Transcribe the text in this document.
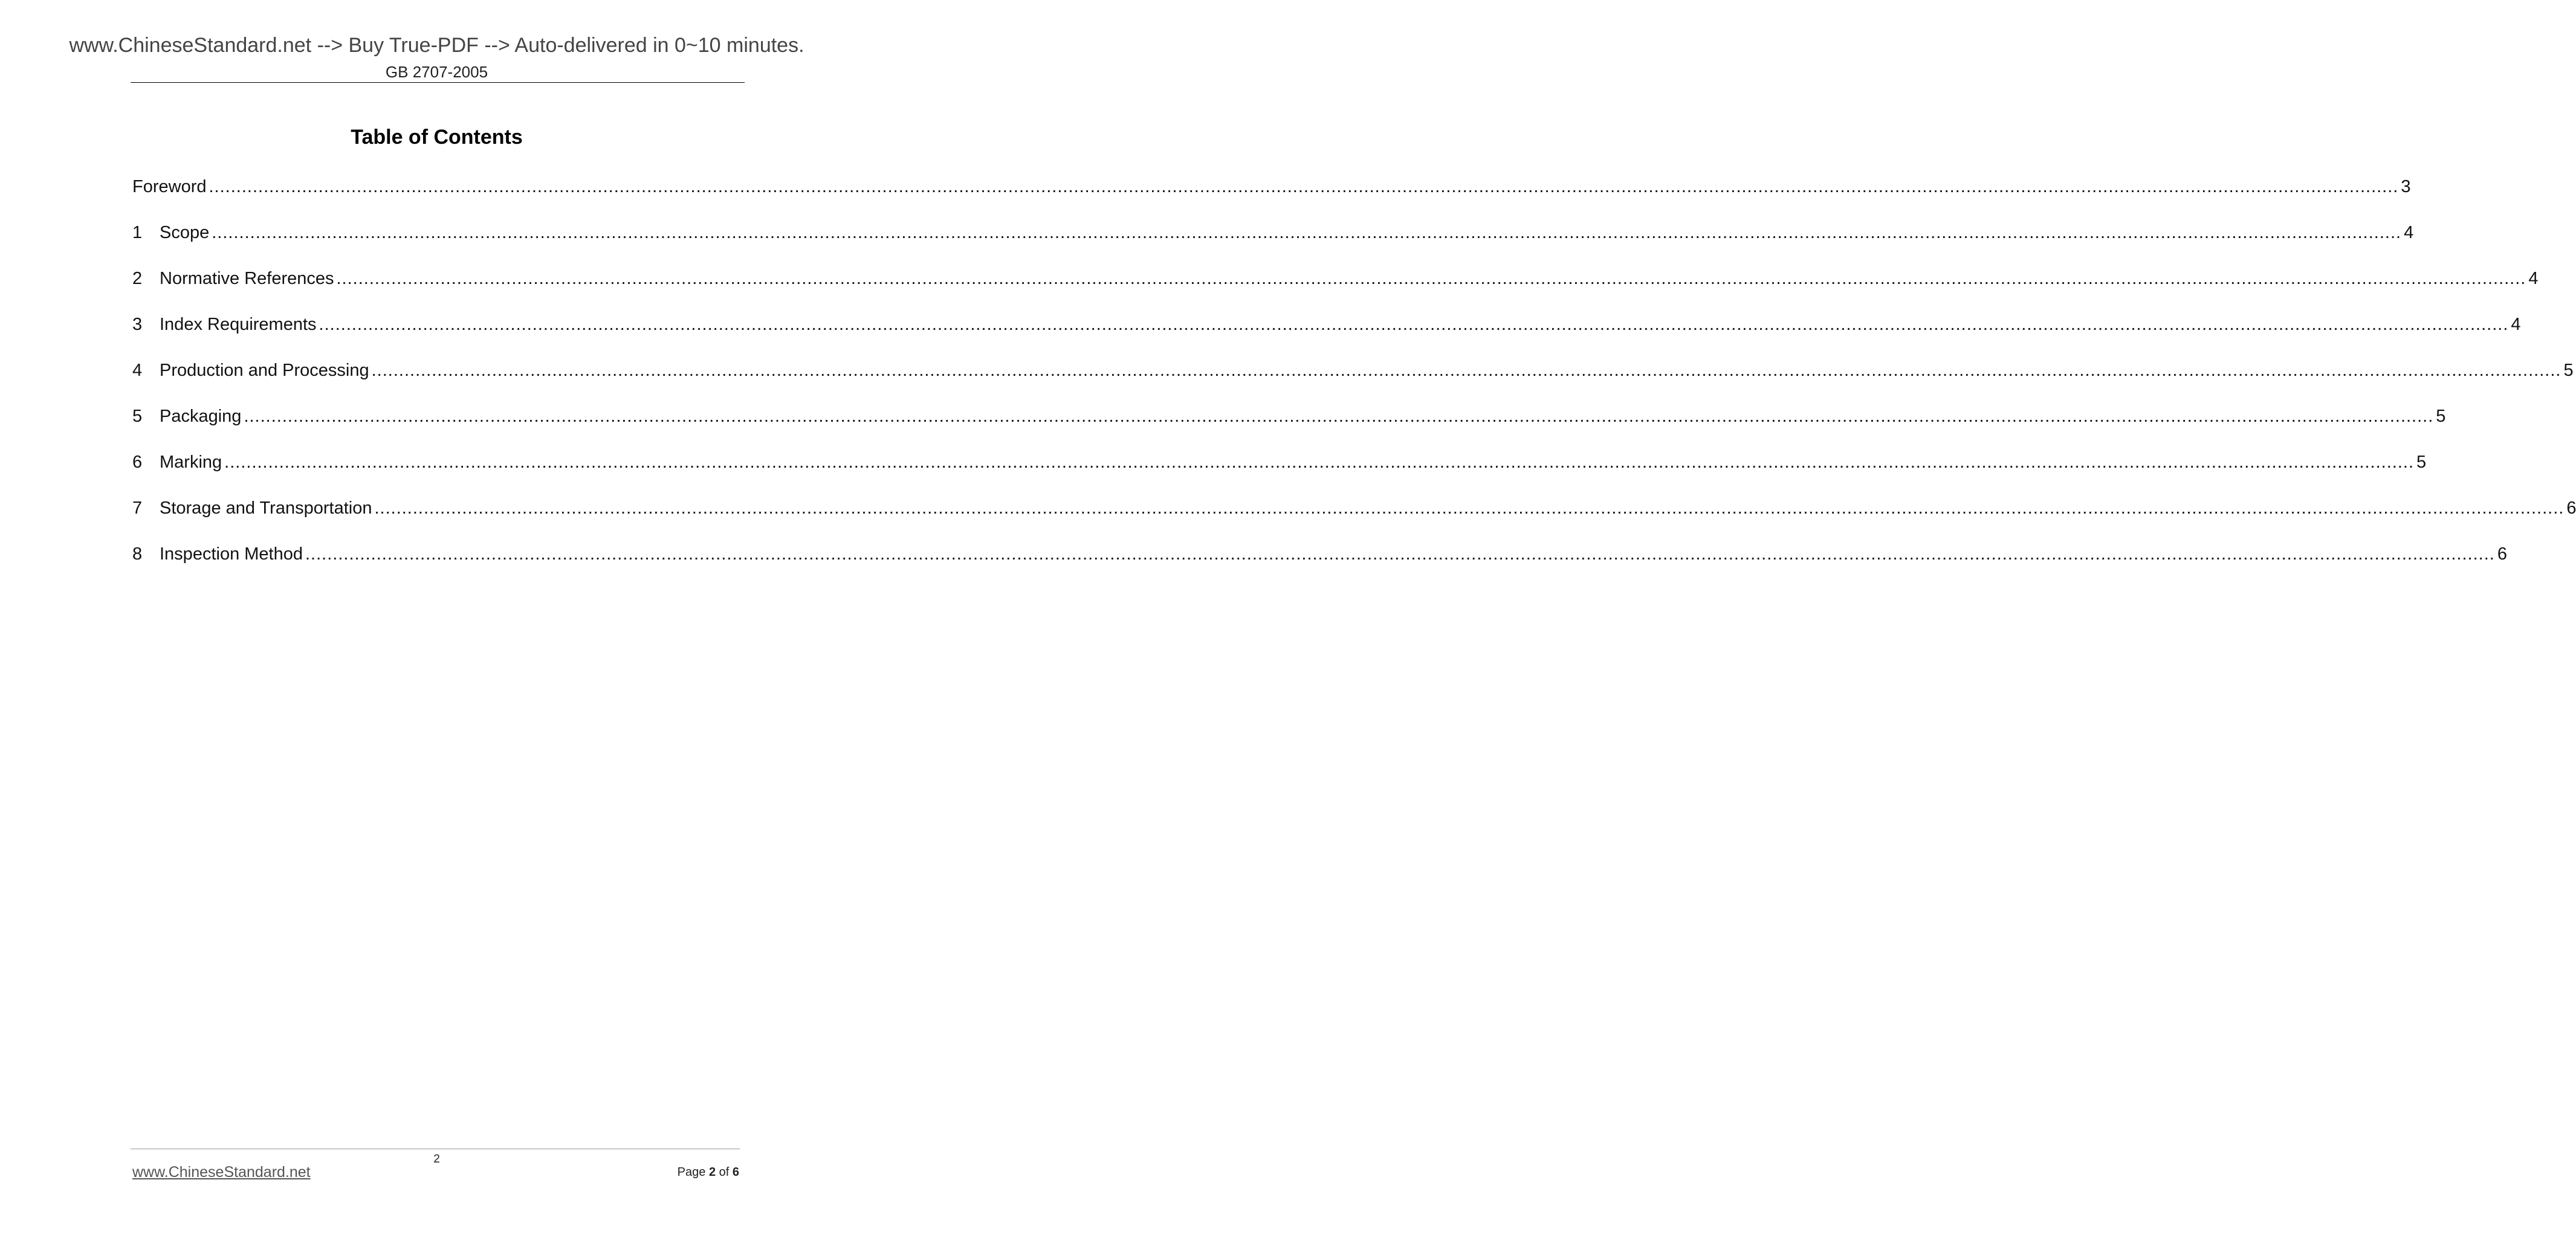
www.ChineseStandard.net --> Buy True-PDF --> Auto-delivered in 0~10 minutes.
GB 2707-2005
Table of Contents
Foreword ................................................................................................................................................................................................................................................................................................................................................................................................................ 3
1 Scope ................................................................................................................................................................................................................................................................................................................................................................................................................ 4
2 Normative References ................................................................................................................................................................................................................................................................................................................................................................................................................ 4
3 Index Requirements ................................................................................................................................................................................................................................................................................................................................................................................................................ 4
4 Production and Processing ................................................................................................................................................................................................................................................................................................................................................................................................................ 5
5 Packaging ................................................................................................................................................................................................................................................................................................................................................................................................................ 5
6 Marking ................................................................................................................................................................................................................................................................................................................................................................................................................ 5
7 Storage and Transportation ................................................................................................................................................................................................................................................................................................................................................................................................................ 6
8 Inspection Method ................................................................................................................................................................................................................................................................................................................................................................................................................ 6
2
www.ChineseStandard.net	Page 2 of 6
